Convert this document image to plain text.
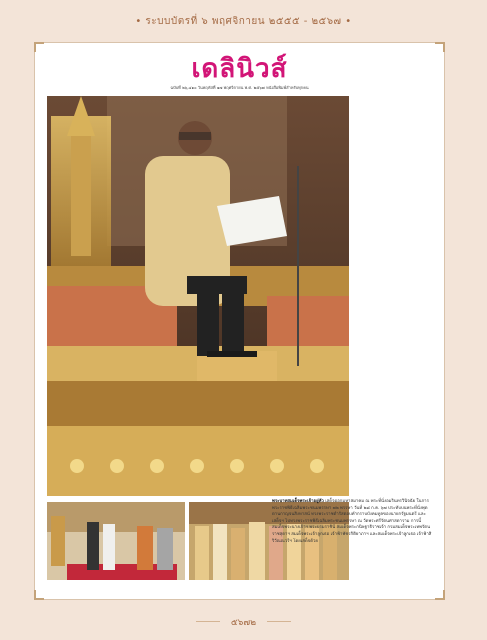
• ระบบบัตรที่ ๖ พฤศจิกายน ๒๕๕๕ - ๒๕๖๗ •
เดลินิวส์
ฉบับที่ ๒๖,๔๑๐ วันพฤหัสที่ ๑๗ พฤศจิกายน พ.ศ. ๒๕๖๗ หนังสือพิมพ์สำหรับทุกคน
พระบาทสมเด็จพระเจ้าอยู่หัว เสด็จออกมหาสมาคม ณ พระที่นั่งอมรินทรวินิจฉัย ในการพระราชพิธีเฉลิมพระชนมพรรษา ๗๒ พรรษา วันที่ ๒๘ ก.ค. ๖๗ ประทับบนพระที่นั่งพุดตานกาญจนสิงหาสน์ ทรงพระราชดำรัสตอบคำกราบบังคมทูลของนายกรัฐมนตรี และเสด็จฯ ไปทรงพระราชพิธีเฉลิมพระชนมพรรษา ณ วัดพระศรีรัตนศาสดาราม การนี้สมเด็จพระนางเจ้าฯ พระบรมราชินี สมเด็จพระกนิษฐาธิราชเจ้า กรมสมเด็จพระเทพรัตนราชสุดาฯ สมเด็จพระเจ้าลูกเธอ เจ้าฟ้าพัชรกิติยาภาฯ และสมเด็จพระเจ้าลูกเธอ เจ้าฟ้าสิริวัณณวรีฯ โดยเสด็จด้วย
๕๖๗๒
